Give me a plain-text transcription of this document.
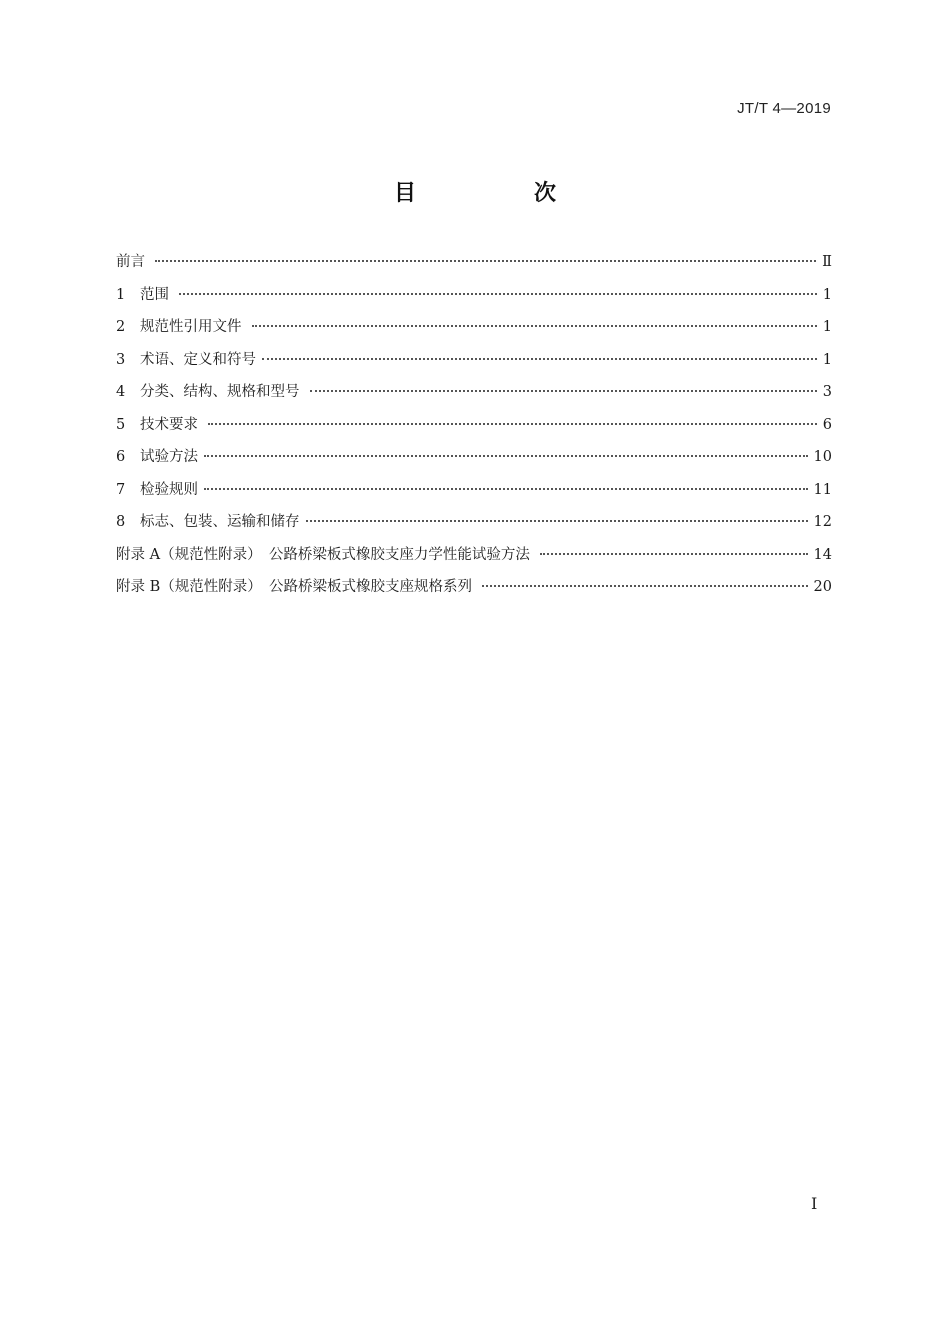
JT/T 4—2019
目　次
前言	Ⅱ
1	范围	1
2	规范性引用文件	1
3	术语、定义和符号	1
4	分类、结构、规格和型号	3
5	技术要求	6
6	试验方法	10
7	检验规则	11
8	标志、包装、运输和储存	12
附录 A（规范性附录）　公路桥梁板式橡胶支座力学性能试验方法	14
附录 B（规范性附录）　公路桥梁板式橡胶支座规格系列	20
Ⅰ
